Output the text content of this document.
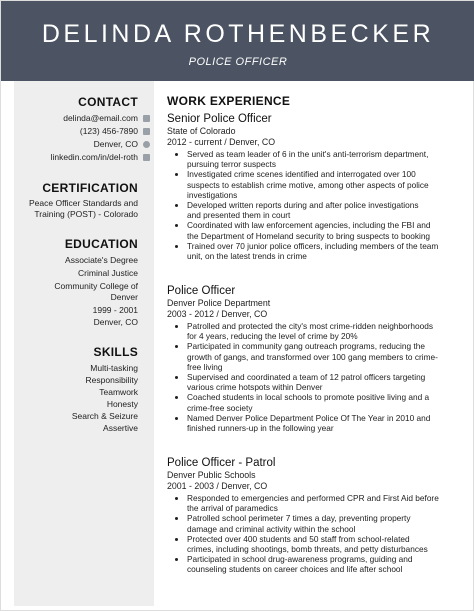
DELINDA ROTHENBECKER
POLICE OFFICER
CONTACT
delinda@email.com
(123) 456-7890
Denver, CO
linkedin.com/in/del-roth
CERTIFICATION
Peace Officer Standards and
Training (POST) - Colorado
EDUCATION
Associate's Degree
Criminal Justice
Community College of
Denver
1999 - 2001
Denver, CO
SKILLS
Multi-tasking
Responsibility
Teamwork
Honesty
Search & Seizure
Assertive
WORK EXPERIENCE
Senior Police Officer
State of Colorado
2012 - current / Denver, CO
• Served as team leader of 6 in the unit's anti-terrorism department,
pursuing terror suspects
• Investigated crime scenes identified and interrogated over 100
suspects to establish crime motive, among other aspects of police
investigations
• Developed written reports during and after police investigations
and presented them in court
• Coordinated with law enforcement agencies, including the FBI and
the Department of Homeland security to bring suspects to booking
• Trained over 70 junior police officers, including members of the team
unit, on the latest trends in crime
Police Officer
Denver Police Department
2003 - 2012 / Denver, CO
• Patrolled and protected the city's most crime-ridden neighborhoods
for 4 years, reducing the level of crime by 20%
• Participated in community gang outreach programs, reducing the
growth of gangs, and transformed over 100 gang members to crime-
free living
• Supervised and coordinated a team of 12 patrol officers targeting
various crime hotspots within Denver
• Coached students in local schools to promote positive living and a
crime-free society
• Named Denver Police Department Police Of The Year in 2010 and
finished runners-up in the following year
Police Officer - Patrol
Denver Public Schools
2001 - 2003 / Denver, CO
• Responded to emergencies and performed CPR and First Aid before
the arrival of paramedics
• Patrolled school perimeter 7 times a day, preventing property
damage and criminal activity within the school
• Protected over 400 students and 50 staff from school-related
crimes, including shootings, bomb threats, and petty disturbances
• Participated in school drug-awareness programs, guiding and
counseling students on career choices and life after school
